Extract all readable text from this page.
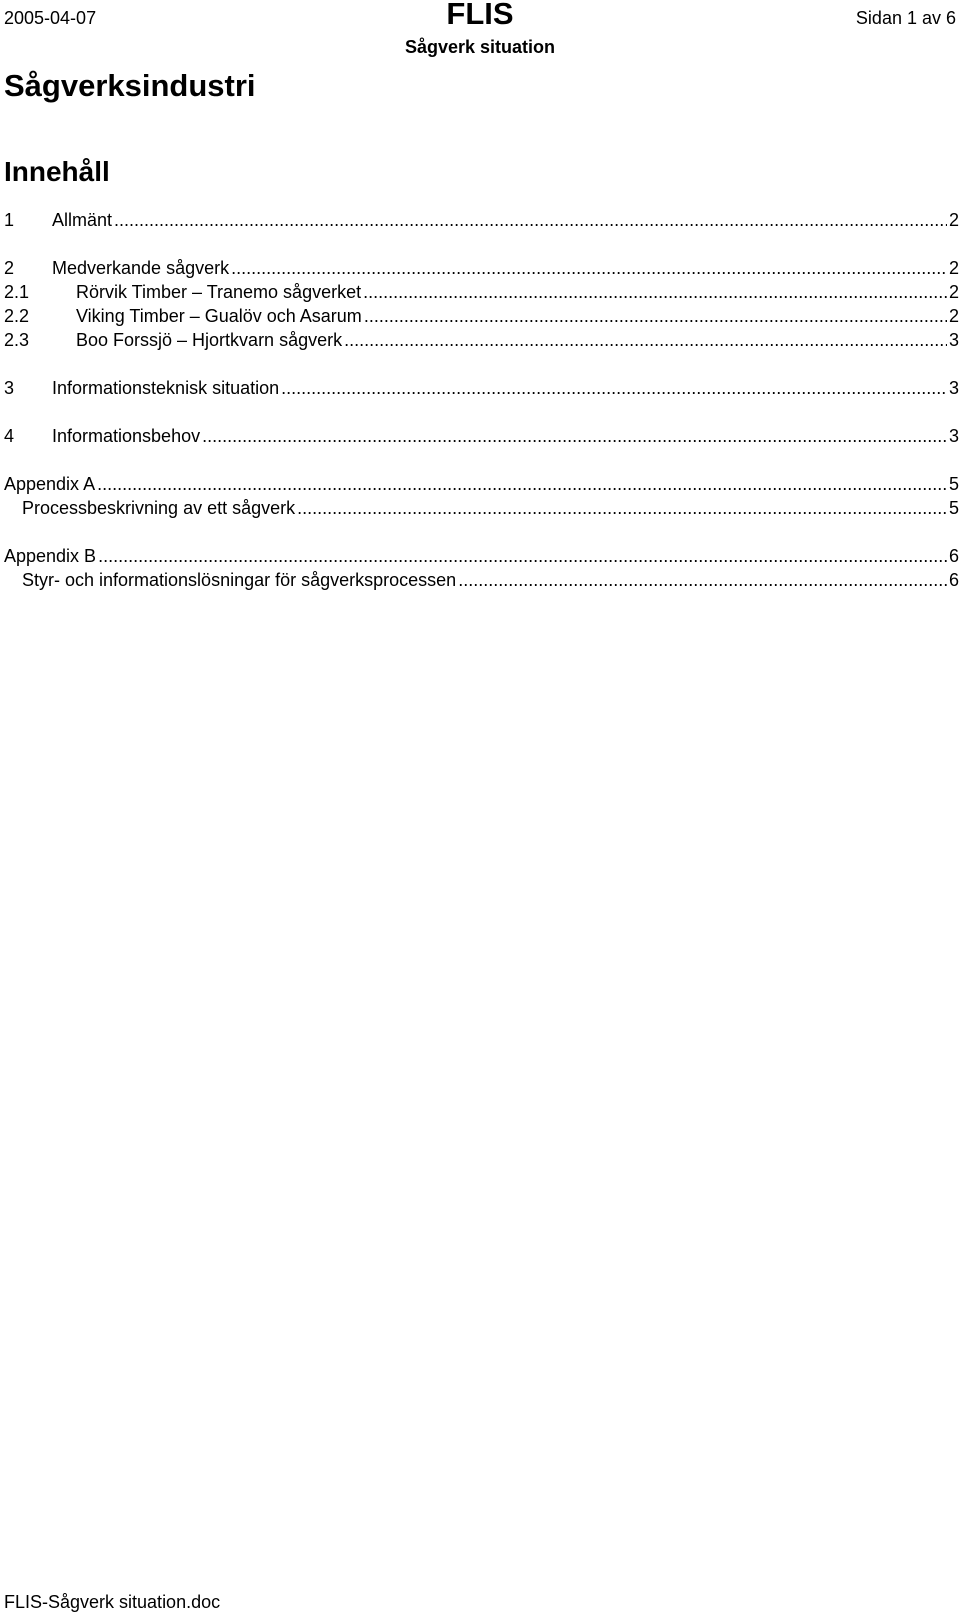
2005-04-07	FLIS
Sågverk situation
Sidan 1 av 6
Sågverksindustri
Innehåll
1	Allmänt .....	2
2	Medverkande sågverk .....	2
2.1	Rörvik Timber – Tranemo sågverket .....	2
2.2	Viking Timber – Gualöv och Asarum .....	2
2.3	Boo Forssjö – Hjortkvarn sågverk .....	3
3	Informationsteknisk situation .....	3
4	Informationsbehov .....	3
Appendix A .....	5
Processbeskrivning av ett sågverk .....	5
Appendix B .....	6
Styr- och informationslösningar för sågverksprocessen .....	6
FLIS-Sågverk situation.doc
